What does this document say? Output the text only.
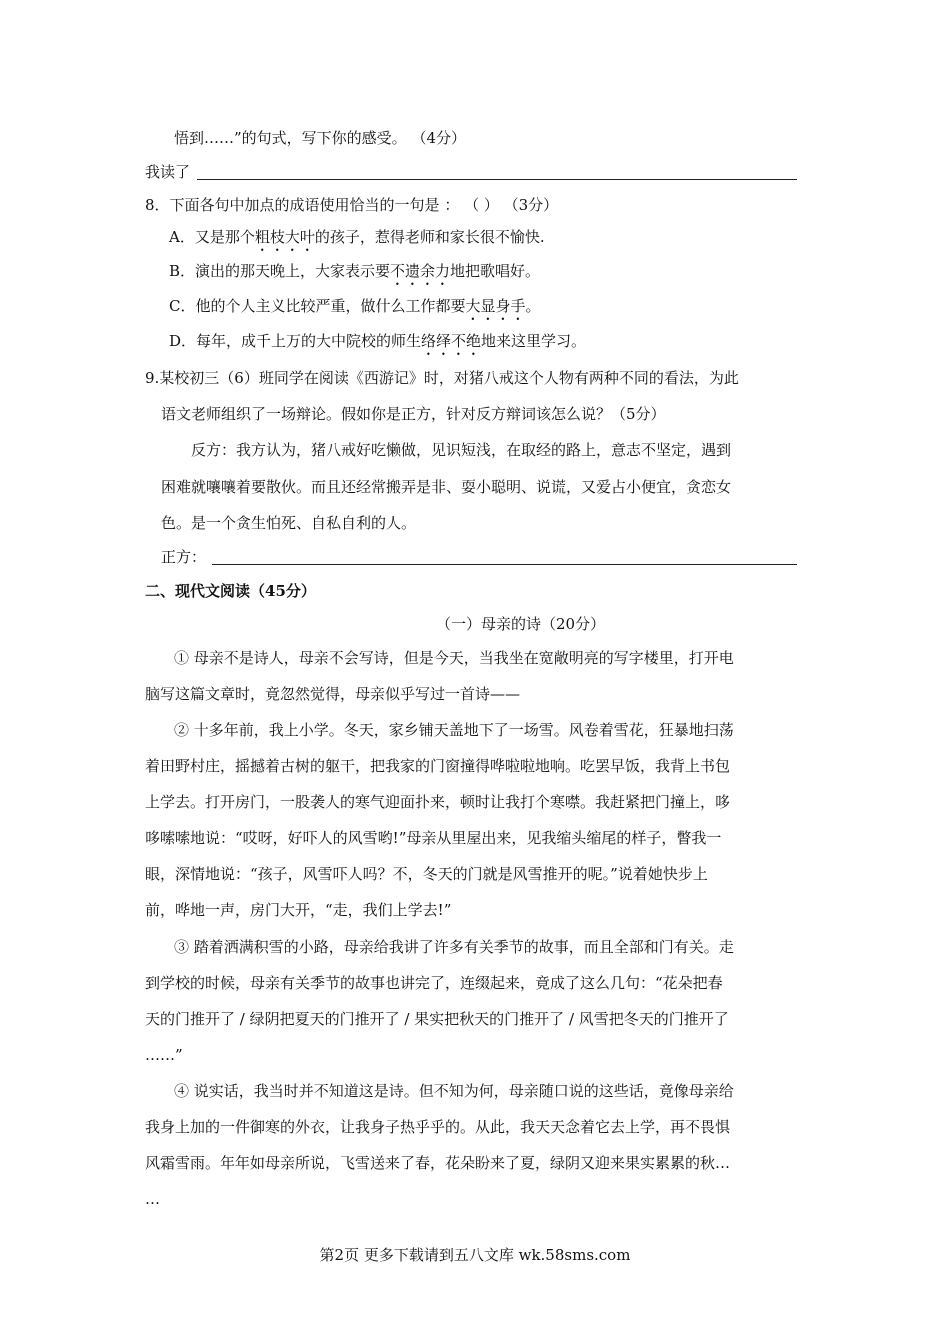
悟到……”的句式，写下你的感受。 （4分）
我读了
8．下面各句中加点的成语使用恰当的一句是 ： （ ） （3分）
A．又是那个粗枝大叶的孩子，惹得老师和家长很不愉快.
B．演出的那天晚上，大家表示要不遗余力地把歌唱好。
C．他的个人主义比较严重，做什么工作都要大显身手。
D．每年，成千上万的大中院校的师生络绎不绝地来这里学习。
9.某校初三（6）班同学在阅读《西游记》时，对猪八戒这个人物有两种不同的看法，为此
语文老师组织了一场辩论。假如你是正方，针对反方辩词该怎么说？（5分）
反方：我方认为，猪八戒好吃懒做，见识短浅，在取经的路上，意志不坚定，遇到
困难就嚷嚷着要散伙。而且还经常搬弄是非、耍小聪明、说谎，又爱占小便宜，贪恋女
色。是一个贪生怕死、自私自利的人。
正方：
二、现代文阅读（45分）
（一）母亲的诗（20分）
① 母亲不是诗人，母亲不会写诗，但是今天，当我坐在宽敞明亮的写字楼里，打开电
脑写这篇文章时，竟忽然觉得，母亲似乎写过一首诗——
② 十多年前，我上小学。冬天，家乡铺天盖地下了一场雪。风卷着雪花，狂暴地扫荡
着田野村庄，摇撼着古树的躯干，把我家的门窗撞得哗啦啦地响。吃罢早饭，我背上书包
上学去。打开房门，一股袭人的寒气迎面扑来，顿时让我打个寒噤。我赶紧把门撞上，哆
哆嗦嗦地说：“哎呀，好吓人的风雪哟!”母亲从里屋出来，见我缩头缩尾的样子，瞥我一
眼，深情地说：“孩子，风雪吓人吗？不，冬天的门就是风雪推开的呢。”说着她快步上
前，哗地一声，房门大开，“走，我们上学去!”
③ 踏着洒满积雪的小路，母亲给我讲了许多有关季节的故事，而且全部和门有关。走
到学校的时候，母亲有关季节的故事也讲完了，连缀起来，竟成了这么几句：“花朵把春
天的门推开了 / 绿阴把夏天的门推开了 / 果实把秋天的门推开了 / 风雪把冬天的门推开了
……”
④ 说实话，我当时并不知道这是诗。但不知为何，母亲随口说的这些话，竟像母亲给
我身上加的一件御寒的外衣，让我身子热乎乎的。从此，我天天念着它去上学，再不畏惧
风霜雪雨。年年如母亲所说，飞雪送来了春，花朵盼来了夏，绿阴又迎来果实累累的秋…
…
第2页 更多下载请到五八文库 wk.58sms.com
